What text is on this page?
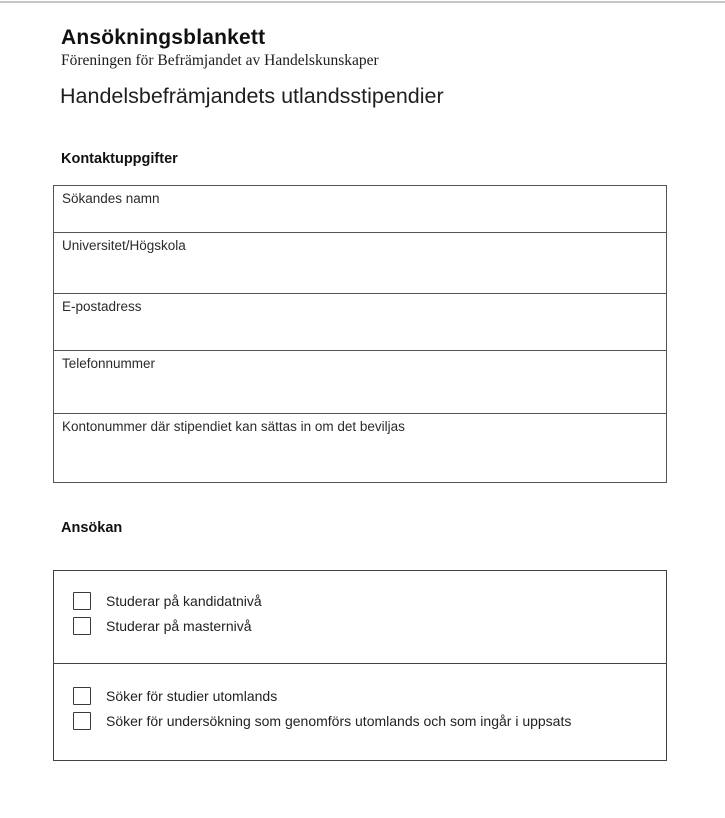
Ansökningsblankett
Föreningen för Befrämjandet av Handelskunskaper
Handelsbefrämjandets utlandsstipendier
Kontaktuppgifter
Sökandes namn
Universitet/Högskola
E-postadress
Telefonnummer
Kontonummer där stipendiet kan sättas in om det beviljas
Ansökan
Studerar på kandidatnivå
Studerar på masternivå
Söker för studier utomlands
Söker för undersökning som genomförs utomlands och som ingår i uppsats
